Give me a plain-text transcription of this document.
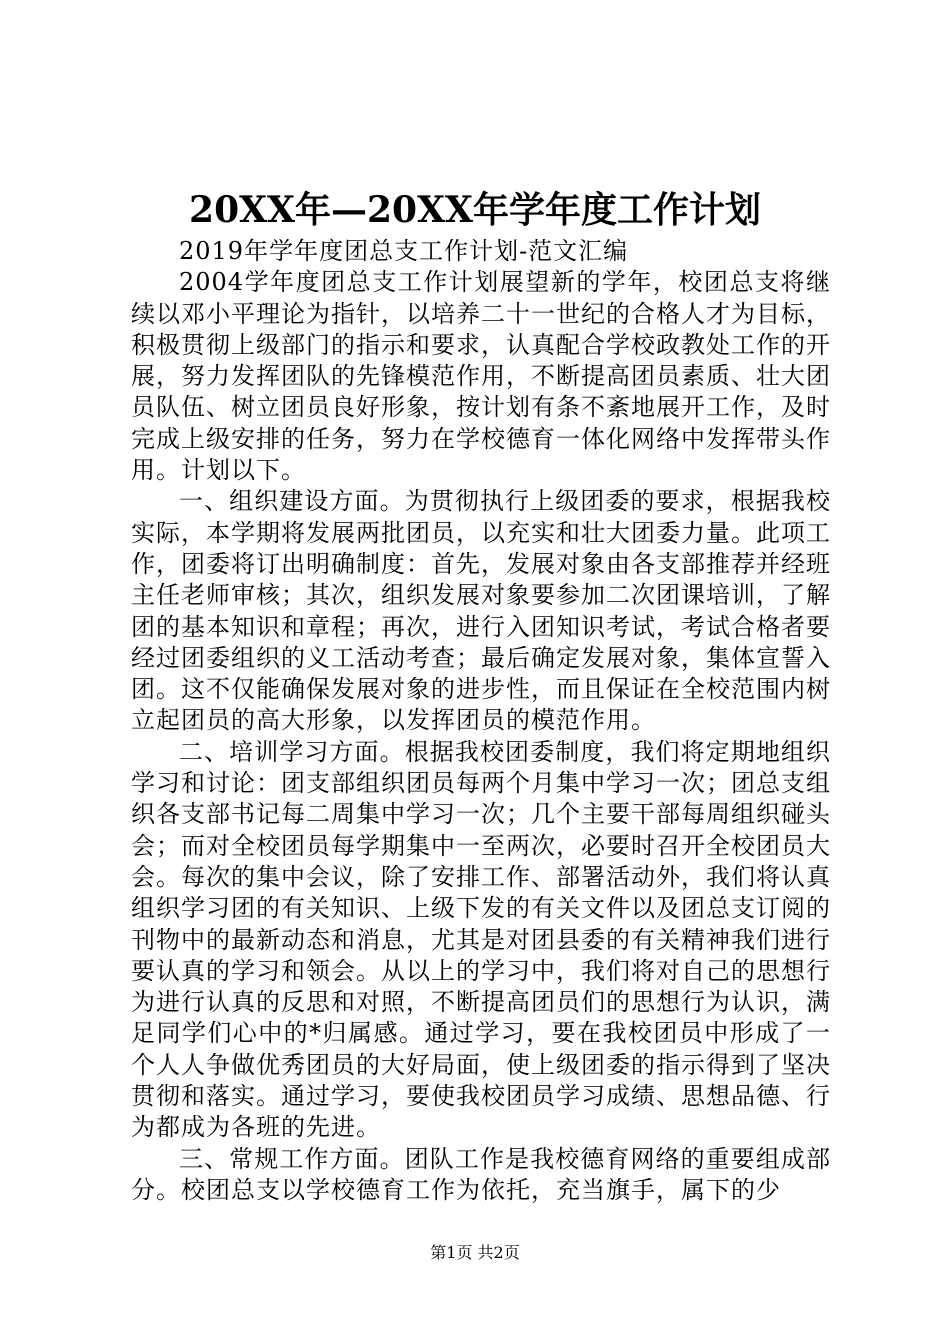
20XX年—20XX年学年度工作计划

2019年学年度团总支工作计划-范文汇编

2004学年度团总支工作计划展望新的学年，校团总支将继续以邓小平理论为指针，以培养二十一世纪的合格人才为目标，积极贯彻上级部门的指示和要求，认真配合学校政教处工作的开展，努力发挥团队的先锋模范作用，不断提高团员素质、壮大团员队伍、树立团员良好形象，按计划有条不紊地展开工作，及时完成上级安排的任务，努力在学校德育一体化网络中发挥带头作用。计划以下。

一、组织建设方面。为贯彻执行上级团委的要求，根据我校实际，本学期将发展两批团员，以充实和壮大团委力量。此项工作，团委将订出明确制度：首先，发展对象由各支部推荐并经班主任老师审核；其次，组织发展对象要参加二次团课培训，了解团的基本知识和章程；再次，进行入团知识考试，考试合格者要经过团委组织的义工活动考查；最后确定发展对象，集体宣誓入团。这不仅能确保发展对象的进步性，而且保证在全校范围内树立起团员的高大形象，以发挥团员的模范作用。

二、培训学习方面。根据我校团委制度，我们将定期地组织学习和讨论：团支部组织团员每两个月集中学习一次；团总支组织各支部书记每二周集中学习一次；几个主要干部每周组织碰头会；而对全校团员每学期集中一至两次，必要时召开全校团员大会。每次的集中会议，除了安排工作、部署活动外，我们将认真组织学习团的有关知识、上级下发的有关文件以及团总支订阅的刊物中的最新动态和消息，尤其是对团县委的有关精神我们进行要认真的学习和领会。从以上的学习中，我们将对自己的思想行为进行认真的反思和对照，不断提高团员们的思想行为认识，满足同学们心中的*归属感。通过学习，要在我校团员中形成了一个人人争做优秀团员的大好局面，使上级团委的指示得到了坚决贯彻和落实。通过学习，要使我校团员学习成绩、思想品德、行为都成为各班的先进。

三、常规工作方面。团队工作是我校德育网络的重要组成部分。校团总支以学校德育工作为依托，充当旗手，属下的少

第1页 共2页
